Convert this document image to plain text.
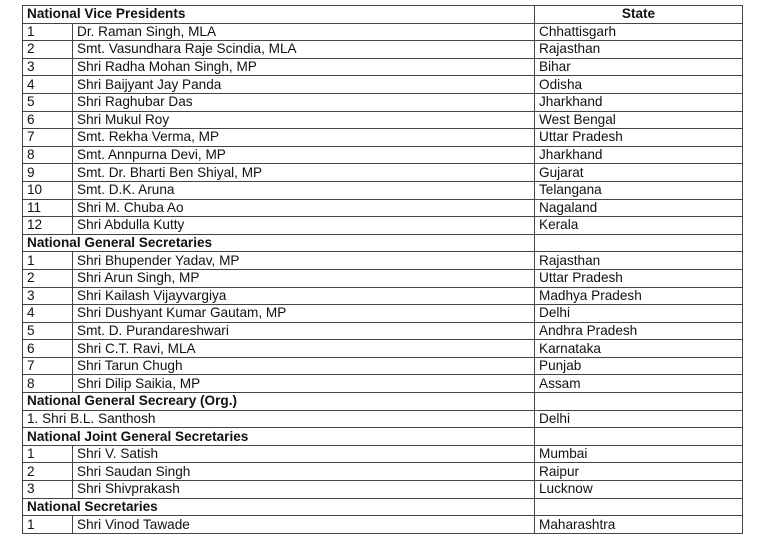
National Vice Presidents		State
1	Dr. Raman Singh, MLA	Chhattisgarh
2	Smt. Vasundhara Raje Scindia, MLA	Rajasthan
3	Shri Radha Mohan Singh, MP	Bihar
4	Shri Baijyant Jay Panda	Odisha
5	Shri Raghubar Das	Jharkhand
6	Shri Mukul Roy	West Bengal
7	Smt. Rekha Verma, MP	Uttar Pradesh
8	Smt. Annpurna Devi, MP	Jharkhand
9	Smt. Dr. Bharti Ben Shiyal, MP	Gujarat
10	Smt. D.K. Aruna	Telangana
11	Shri M. Chuba Ao	Nagaland
12	Shri Abdulla Kutty	Kerala
National General Secretaries		
1	Shri Bhupender Yadav, MP	Rajasthan
2	Shri Arun Singh, MP	Uttar Pradesh
3	Shri Kailash Vijayvargiya	Madhya Pradesh
4	Shri Dushyant Kumar Gautam, MP	Delhi
5	Smt. D. Purandareshwari	Andhra Pradesh
6	Shri C.T. Ravi, MLA	Karnataka
7	Shri Tarun Chugh	Punjab
8	Shri Dilip Saikia, MP	Assam
National General Secreary (Org.)		
1. Shri B.L. Santhosh		Delhi
National Joint General Secretaries		
1	Shri V. Satish	Mumbai
2	Shri Saudan Singh	Raipur
3	Shri Shivprakash	Lucknow
National Secretaries		
1	Shri Vinod Tawade	Maharashtra
